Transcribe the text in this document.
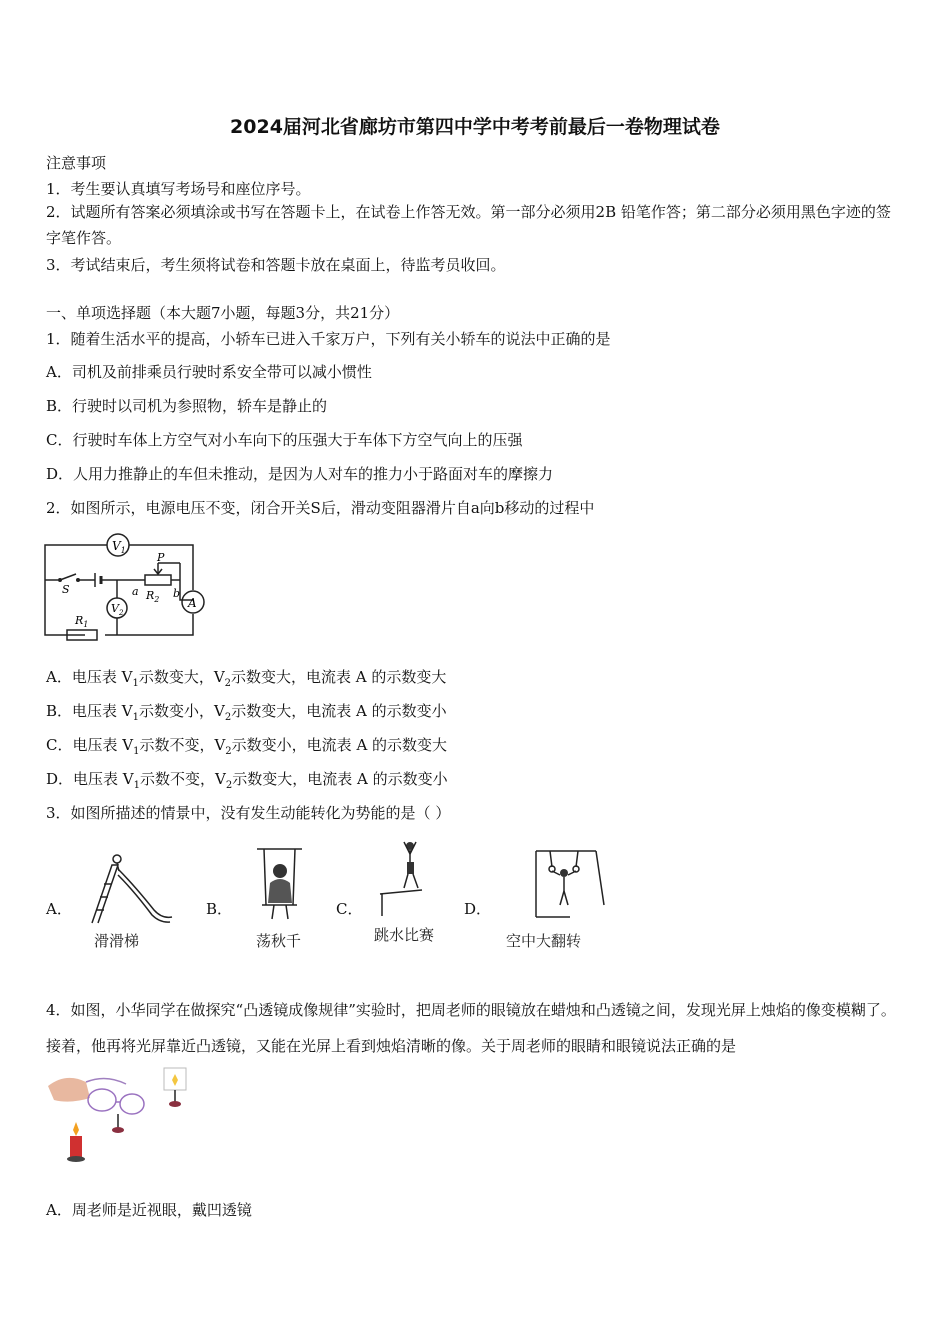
2024届河北省廊坊市第四中学中考考前最后一卷物理试卷
注意事项
1．考生要认真填写考场号和座位序号。
2．试题所有答案必须填涂或书写在答题卡上，在试卷上作答无效。第一部分必须用2B 铅笔作答；第二部分必须用黑色字迹的签字笔作答。
3．考试结束后，考生须将试卷和答题卡放在桌面上，待监考员收回。
一、单项选择题（本大题7小题，每题3分，共21分）
1．随着生活水平的提高，小轿车已进入千家万户，下列有关小轿车的说法中正确的是
A．司机及前排乘员行驶时系安全带可以减小惯性
B．行驶时以司机为参照物，轿车是静止的
C．行驶时车体上方空气对小车向下的压强大于车体下方空气向上的压强
D．人用力推静止的车但未推动，是因为人对车的推力小于路面对车的摩擦力
2．如图所示，电源电压不变，闭合开关S后，滑动变阻器滑片自a向b移动的过程中
$V_1$
P
S	$R_2$
a	b
$V_2$
A
$R_1$
A．电压表 $V_1$示数变大，$V_2$示数变大，电流表 A 的示数变大
B．电压表 $V_1$示数变小，$V_2$示数变大，电流表 A 的示数变小
C．电压表 $V_1$示数不变，$V_2$示数变小，电流表 A 的示数变大
D．电压表 $V_1$示数不变，$V_2$示数变大，电流表 A 的示数变小
3．如图所描述的情景中，没有发生动能转化为势能的是（ ）
A．
滑滑梯
B．
荡秋千
C．
跳水比赛
D．
空中大翻转
4．如图，小华同学在做探究“凸透镜成像规律”实验时，把周老师的眼镜放在蜡烛和凸透镜之间，发现光屏上烛焰的像变模糊了。接着，他再将光屏靠近凸透镜，又能在光屏上看到烛焰清晰的像。关于周老师的眼睛和眼镜说法正确的是
A．周老师是近视眼，戴凹透镜
